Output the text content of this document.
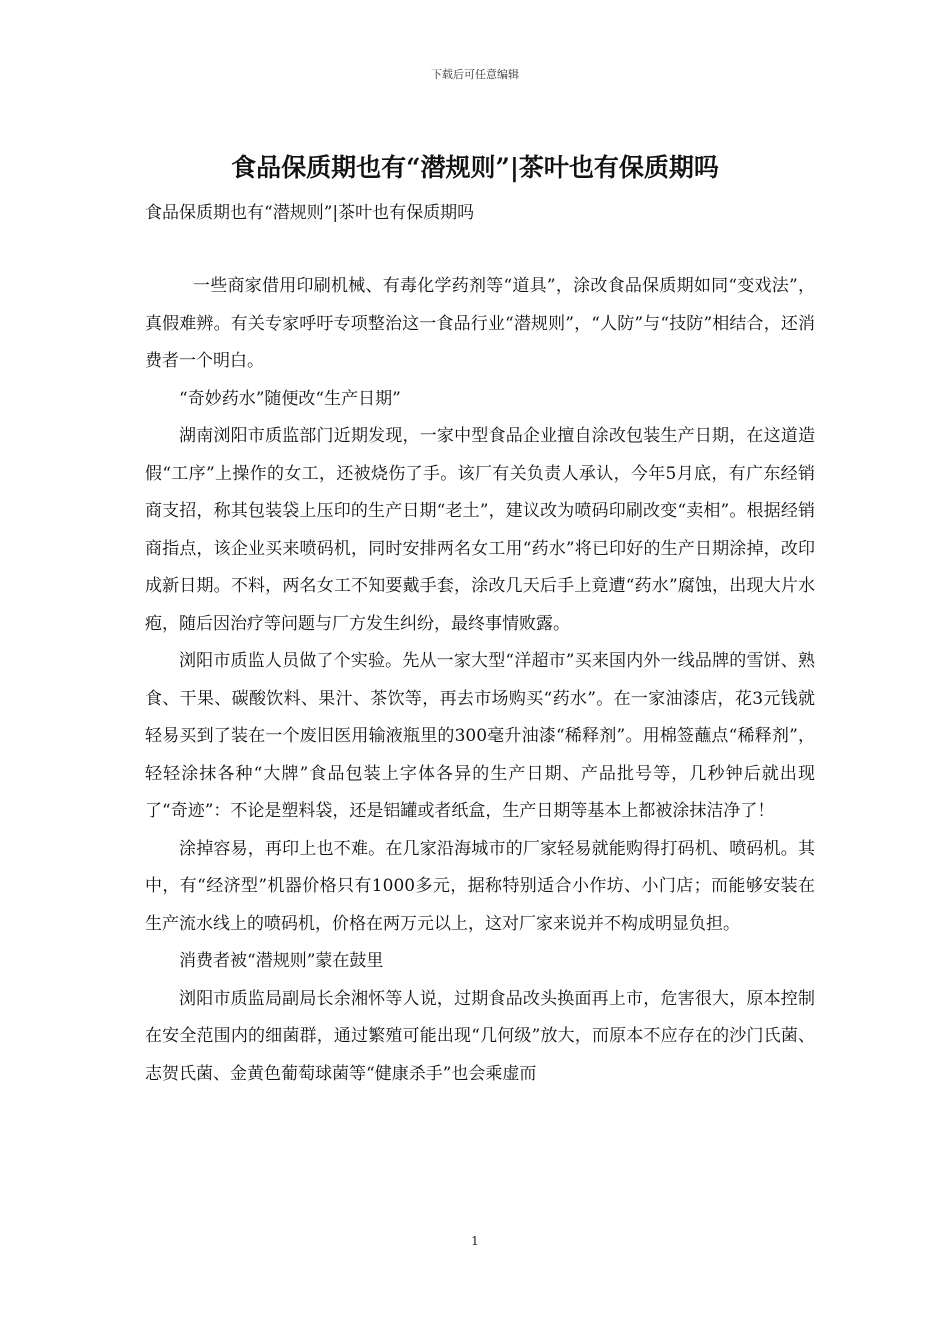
下载后可任意编辑
食品保质期也有“潜规则”|茶叶也有保质期吗

食品保质期也有“潜规则”|茶叶也有保质期吗

一些商家借用印刷机械、有毒化学药剂等“道具”，涂改食品保质期如同“变戏法”，真假难辨。有关专家呼吁专项整治这一食品行业“潜规则”，“人防”与“技防”相结合，还消费者一个明白。

“奇妙药水”随便改“生产日期”

湖南浏阳市质监部门近期发现，一家中型食品企业擅自涂改包装生产日期，在这道造假“工序”上操作的女工，还被烧伤了手。该厂有关负责人承认，今年5月底，有广东经销商支招，称其包装袋上压印的生产日期“老土”，建议改为喷码印刷改变“卖相”。根据经销商指点，该企业买来喷码机，同时安排两名女工用“药水”将已印好的生产日期涂掉，改印成新日期。不料，两名女工不知要戴手套，涂改几天后手上竟遭“药水”腐蚀，出现大片水疱，随后因治疗等问题与厂方发生纠纷，最终事情败露。

浏阳市质监人员做了个实验。先从一家大型“洋超市”买来国内外一线品牌的雪饼、熟食、干果、碳酸饮料、果汁、茶饮等，再去市场购买“药水”。在一家油漆店，花3元钱就轻易买到了装在一个废旧医用输液瓶里的300毫升油漆“稀释剂”。用棉签蘸点“稀释剂”，轻轻涂抹各种“大牌”食品包装上字体各异的生产日期、产品批号等，几秒钟后就出现了“奇迹”：不论是塑料袋，还是铝罐或者纸盒，生产日期等基本上都被涂抹洁净了！

涂掉容易，再印上也不难。在几家沿海城市的厂家轻易就能购得打码机、喷码机。其中，有“经济型”机器价格只有1000多元，据称特别适合小作坊、小门店；而能够安装在生产流水线上的喷码机，价格在两万元以上，这对厂家来说并不构成明显负担。

消费者被“潜规则”蒙在鼓里

浏阳市质监局副局长余湘怀等人说，过期食品改头换面再上市，危害很大，原本控制在安全范围内的细菌群，通过繁殖可能出现“几何级”放大，而原本不应存在的沙门氏菌、志贺氏菌、金黄色葡萄球菌等“健康杀手”也会乘虚而

1
